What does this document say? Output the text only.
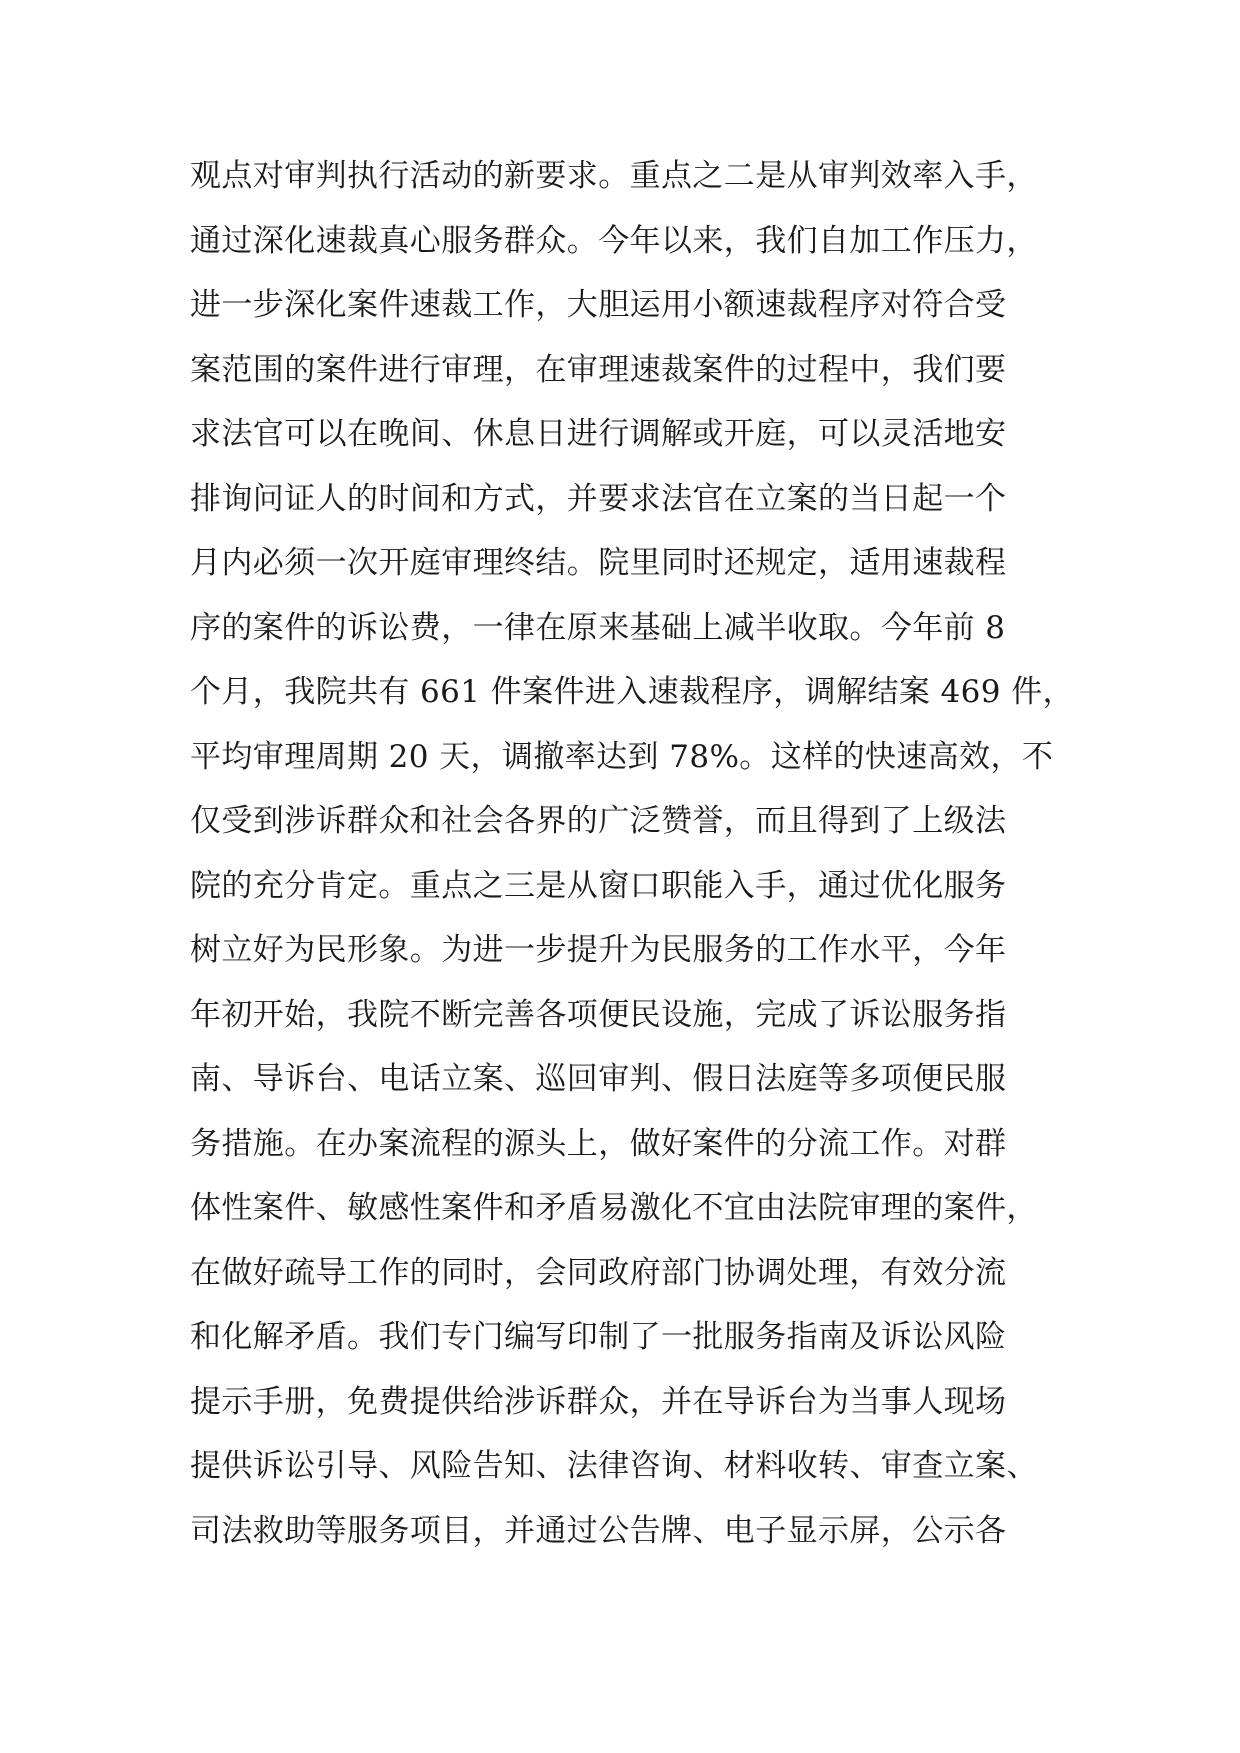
观点对审判执行活动的新要求。重点之二是从审判效率入手，
通过深化速裁真心服务群众。今年以来，我们自加工作压力，
进一步深化案件速裁工作，大胆运用小额速裁程序对符合受
案范围的案件进行审理，在审理速裁案件的过程中，我们要
求法官可以在晚间、休息日进行调解或开庭，可以灵活地安
排询问证人的时间和方式，并要求法官在立案的当日起一个
月内必须一次开庭审理终结。院里同时还规定，适用速裁程
序的案件的诉讼费，一律在原来基础上减半收取。今年前 8
个月，我院共有 661 件案件进入速裁程序，调解结案 469 件，
平均审理周期 20 天，调撤率达到 78%。这样的快速高效，不
仅受到涉诉群众和社会各界的广泛赞誉，而且得到了上级法
院的充分肯定。重点之三是从窗口职能入手，通过优化服务
树立好为民形象。为进一步提升为民服务的工作水平，今年
年初开始，我院不断完善各项便民设施，完成了诉讼服务指
南、导诉台、电话立案、巡回审判、假日法庭等多项便民服
务措施。在办案流程的源头上，做好案件的分流工作。对群
体性案件、敏感性案件和矛盾易激化不宜由法院审理的案件，
在做好疏导工作的同时，会同政府部门协调处理，有效分流
和化解矛盾。我们专门编写印制了一批服务指南及诉讼风险
提示手册，免费提供给涉诉群众，并在导诉台为当事人现场
提供诉讼引导、风险告知、法律咨询、材料收转、审查立案、
司法救助等服务项目，并通过公告牌、电子显示屏，公示各
